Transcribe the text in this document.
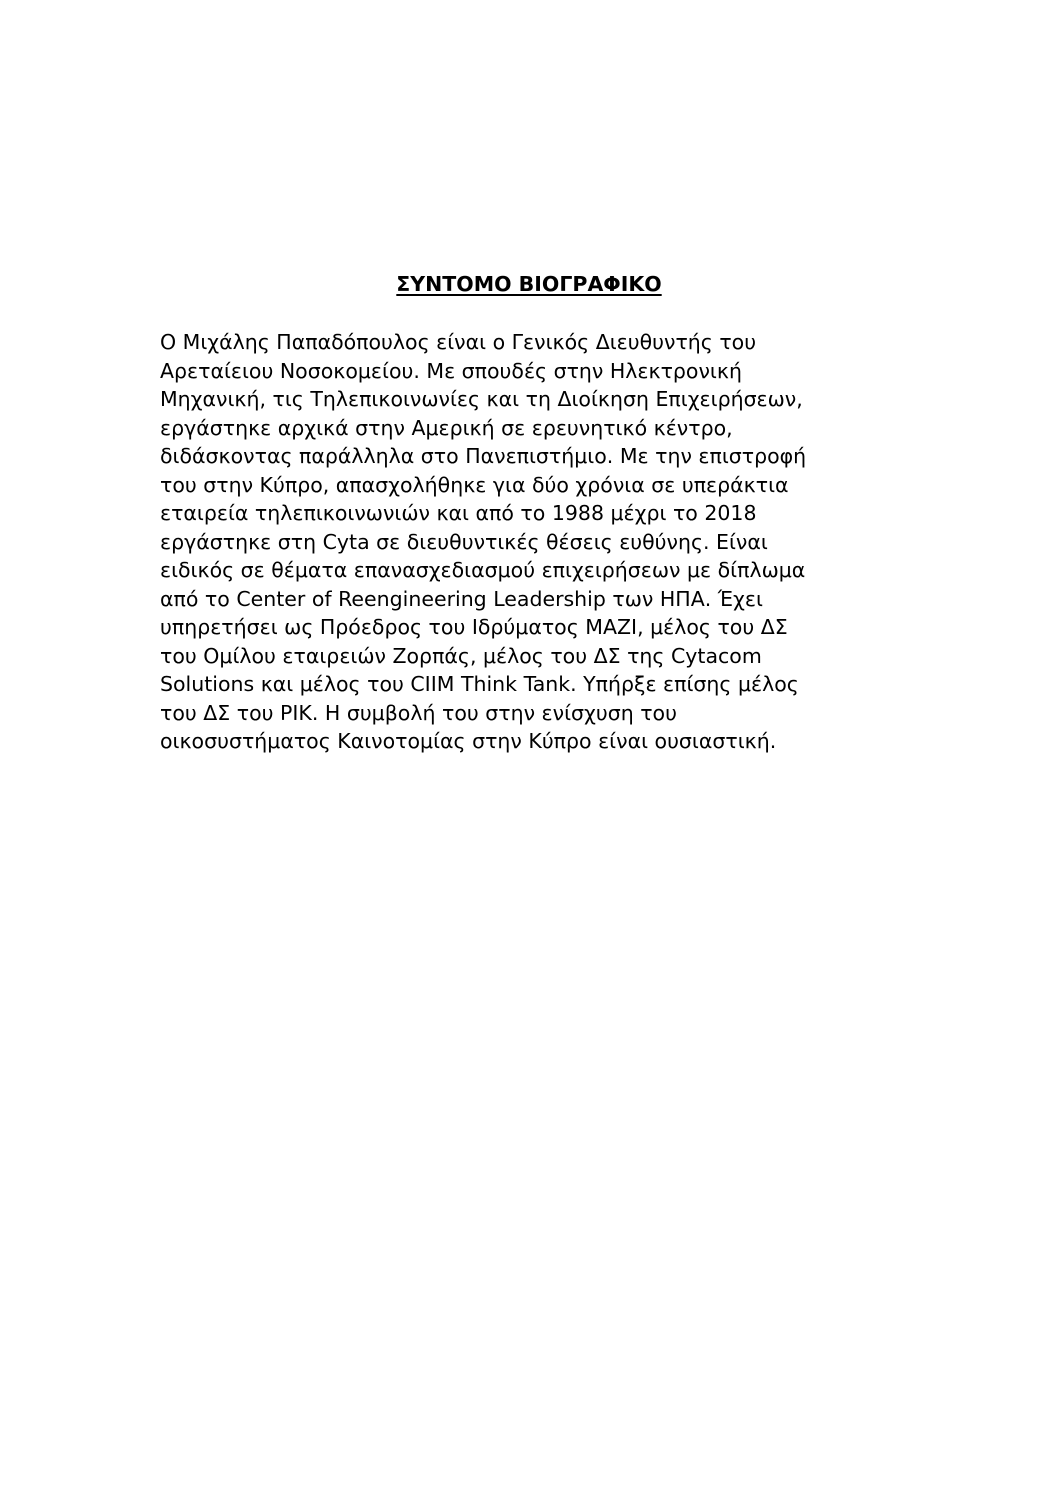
ΣΥΝΤΟΜΟ ΒΙΟΓΡΑΦΙΚΟ

Ο Μιχάλης Παπαδόπουλος είναι ο Γενικός Διευθυντής του
Αρεταίειου Νοσοκομείου. Με σπουδές στην Ηλεκτρονική
Μηχανική, τις Τηλεπικοινωνίες και τη Διοίκηση Επιχειρήσεων,
εργάστηκε αρχικά στην Αμερική σε ερευνητικό κέντρο,
διδάσκοντας παράλληλα στο Πανεπιστήμιο. Με την επιστροφή
του στην Κύπρο, απασχολήθηκε για δύο χρόνια σε υπεράκτια
εταιρεία τηλεπικοινωνιών και από το 1988 μέχρι το 2018
εργάστηκε στη Cyta σε διευθυντικές θέσεις ευθύνης. Είναι
ειδικός σε θέματα επανασχεδιασμού επιχειρήσεων με δίπλωμα
από το Center of Reengineering Leadership των ΗΠΑ. Έχει
υπηρετήσει ως Πρόεδρος του Ιδρύματος ΜΑΖΙ, μέλος του ΔΣ
του Ομίλου εταιρειών Ζορπάς, μέλος του ΔΣ της Cytacom
Solutions και μέλος του CIIM Think Tank. Υπήρξε επίσης μέλος
του ΔΣ του ΡΙΚ. Η συμβολή του στην ενίσχυση του
οικοσυστήματος Καινοτομίας στην Κύπρο είναι ουσιαστική.
